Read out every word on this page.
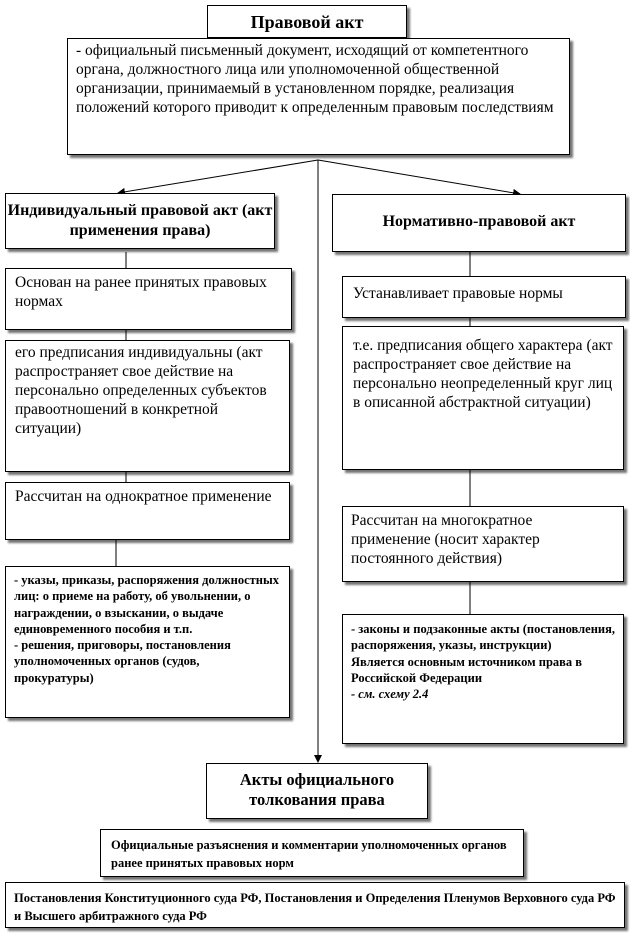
Правовой акт
- официальный письменный документ, исходящий от компетентного органа, должностного лица или уполномоченной общественной организации, принимаемый в установленном порядке, реализация положений которого приводит к определенным правовым последствиям
Индивидуальный правовой акт (акт применения права)
Основан на ранее принятых правовых нормах
его предписания индивидуальны (акт распространяет свое действие на персонально определенных субъектов правоотношений в конкретной ситуации)
Рассчитан на однократное применение
- указы, приказы, распоряжения должностных лиц: о приеме на работу, об увольнении, о награждении, о взыскании, о выдаче единовременного пособия и т.п.
- решения, приговоры, постановления уполномоченных органов (судов, прокуратуры)
Нормативно-правовой акт
Устанавливает правовые нормы
т.е. предписания общего характера (акт распространяет свое действие на персонально неопределенный круг лиц в описанной абстрактной ситуации)
Рассчитан на многократное применение (носит характер постоянного действия)
- законы и подзаконные акты (постановления, распоряжения, указы, инструкции)
Является основным источником права в Российской Федерации
- см. схему 2.4
Акты официального толкования права
Официальные разъяснения и комментарии уполномоченных органов ранее принятых правовых норм
Постановления Конституционного суда РФ, Постановления и Определения Пленумов Верховного суда РФ и Высшего арбитражного суда РФ
